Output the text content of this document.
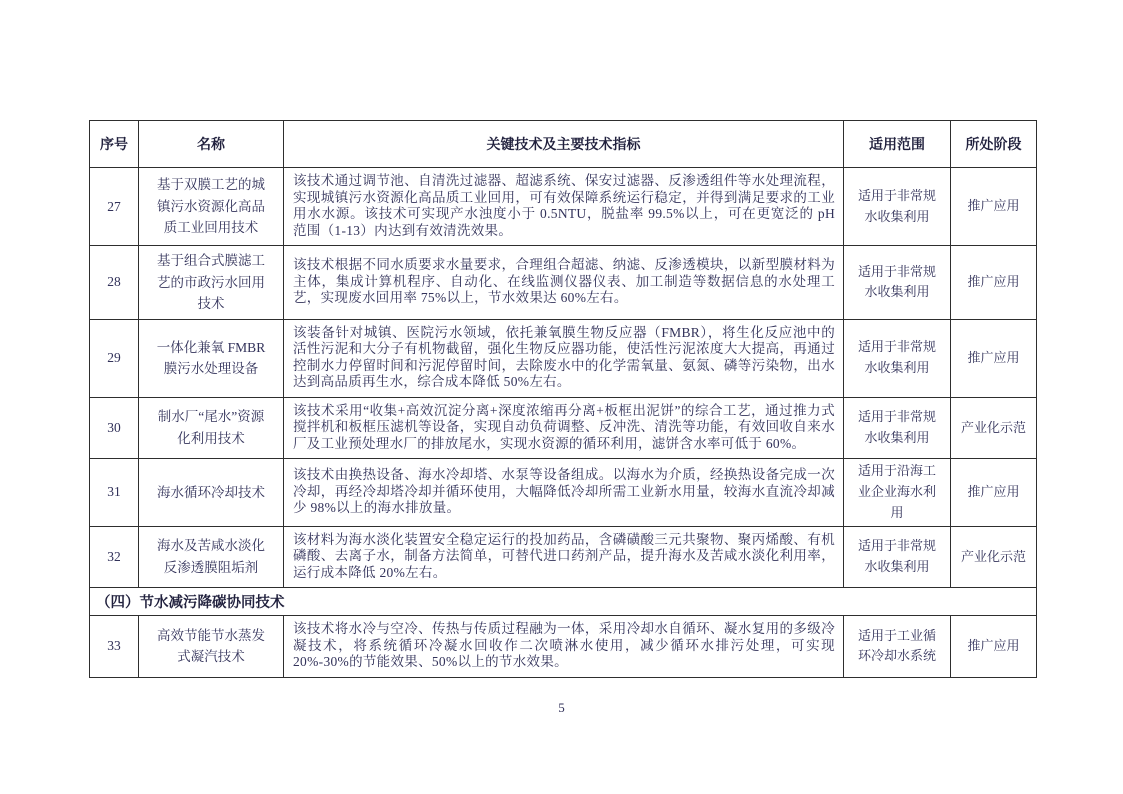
序号	名称	关键技术及主要技术指标	适用范围	所处阶段
27	基于双膜工艺的城镇污水资源化高品质工业回用技术	该技术通过调节池、自清洗过滤器、超滤系统、保安过滤器、反渗透组件等水处理流程，实现城镇污水资源化高品质工业回用，可有效保障系统运行稳定，并得到满足要求的工业用水水源。该技术可实现产水浊度小于 0.5NTU，脱盐率 99.5%以上，可在更宽泛的 pH 范围（1-13）内达到有效清洗效果。	适用于非常规水收集利用	推广应用
28	基于组合式膜滤工艺的市政污水回用技术	该技术根据不同水质要求水量要求，合理组合超滤、纳滤、反渗透模块，以新型膜材料为主体，集成计算机程序、自动化、在线监测仪器仪表、加工制造等数据信息的水处理工艺，实现废水回用率 75%以上，节水效果达 60%左右。	适用于非常规水收集利用	推广应用
29	一体化兼氧 FMBR 膜污水处理设备	该装备针对城镇、医院污水领域，依托兼氧膜生物反应器（FMBR），将生化反应池中的活性污泥和大分子有机物截留，强化生物反应器功能，使活性污泥浓度大大提高，再通过控制水力停留时间和污泥停留时间，去除废水中的化学需氧量、氨氮、磷等污染物，出水达到高品质再生水，综合成本降低 50%左右。	适用于非常规水收集利用	推广应用
30	制水厂“尾水”资源化利用技术	该技术采用“收集+高效沉淀分离+深度浓缩再分离+板框出泥饼”的综合工艺，通过推力式搅拌机和板框压滤机等设备，实现自动负荷调整、反冲洗、清洗等功能，有效回收自来水厂及工业预处理水厂的排放尾水，实现水资源的循环利用，滤饼含水率可低于 60%。	适用于非常规水收集利用	产业化示范
31	海水循环冷却技术	该技术由换热设备、海水冷却塔、水泵等设备组成。以海水为介质，经换热设备完成一次冷却，再经冷却塔冷却并循环使用，大幅降低冷却所需工业新水用量，较海水直流冷却减少 98%以上的海水排放量。	适用于沿海工业企业海水利用	推广应用
32	海水及苦咸水淡化反渗透膜阻垢剂	该材料为海水淡化装置安全稳定运行的投加药品，含磷磺酸三元共聚物、聚丙烯酸、有机磷酸、去离子水，制备方法简单，可替代进口药剂产品，提升海水及苦咸水淡化利用率，运行成本降低 20%左右。	适用于非常规水收集利用	产业化示范
（四）节水减污降碳协同技术				
33	高效节能节水蒸发式凝汽技术	该技术将水冷与空冷、传热与传质过程融为一体，采用冷却水自循环、凝水复用的多级冷凝技术，将系统循环冷凝水回收作二次喷淋水使用，减少循环水排污处理，可实现 20%-30%的节能效果、50%以上的节水效果。	适用于工业循环冷却水系统	推广应用
5
